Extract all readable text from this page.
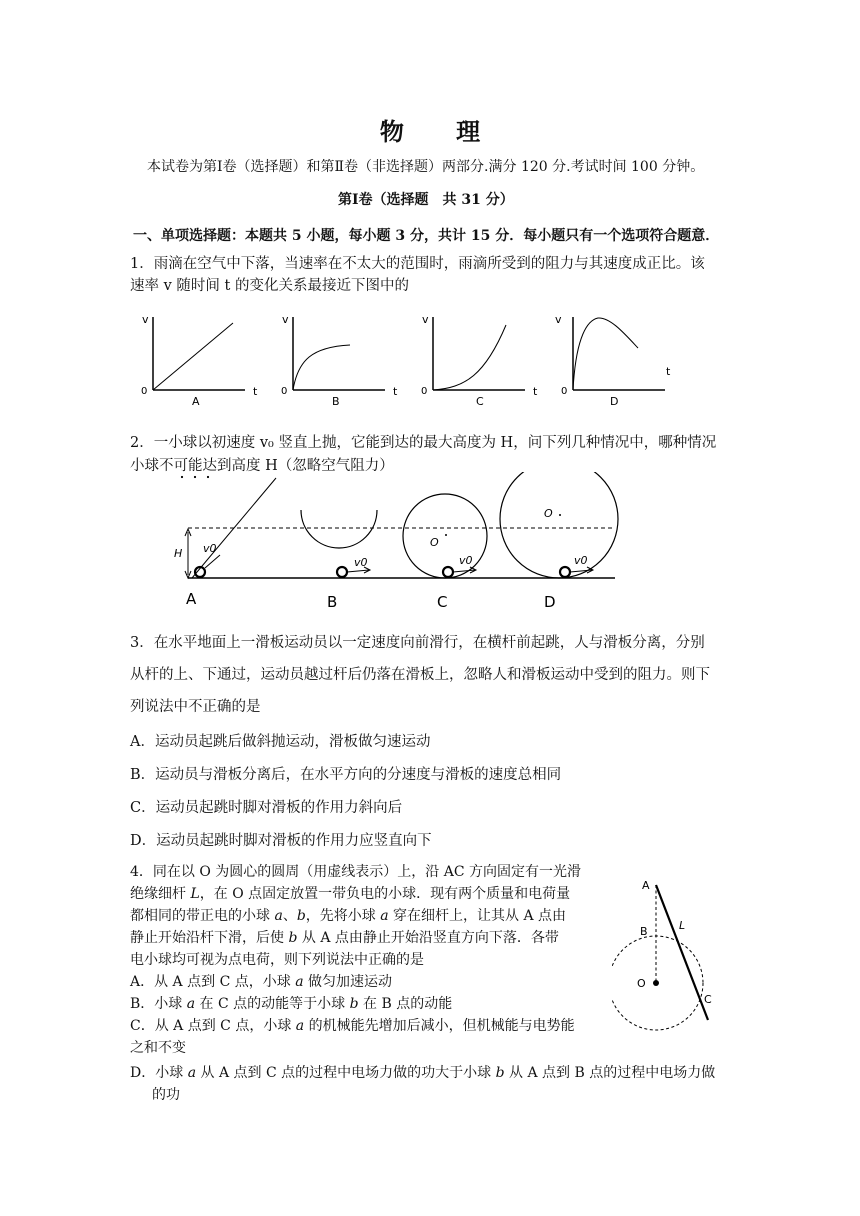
物 理
本试卷为第Ⅰ卷（选择题）和第Ⅱ卷（非选择题）两部分.满分 120 分.考试时间 100 分钟。
第Ⅰ卷（选择题　共 31 分）
一、单项选择题：本题共 5 小题，每小题 3 分，共计 15 分．每小题只有一个选项符合题意．
1．雨滴在空气中下落，当速率在不太大的范围时，雨滴所受到的阻力与其速度成正比。该
速率 v 随时间 t 的变化关系最接近下图中的
v
0	t
A
v
0	t
B
v
0	t
C
v
0
t
D
2．一小球以初速度 v₀ 竖直上抛，它能到达的最大高度为 H，问下列几种情况中，哪种情况
小球不可能达到高度 H（忽略空气阻力）
H v0
A
v0
B
O
v0
C
O
v0
D
3．在水平地面上一滑板运动员以一定速度向前滑行，在横杆前起跳，人与滑板分离，分别
从杆的上、下通过，运动员越过杆后仍落在滑板上，忽略人和滑板运动中受到的阻力。则下
列说法中不正确的是
A．运动员起跳后做斜抛运动，滑板做匀速运动
B．运动员与滑板分离后，在水平方向的分速度与滑板的速度总相同
C．运动员起跳时脚对滑板的作用力斜向后
D．运动员起跳时脚对滑板的作用力应竖直向下
4．同在以 O 为圆心的圆周（用虚线表示）上，沿 AC 方向固定有一光滑
绝缘细杆 L，在 O 点固定放置一带负电的小球．现有两个质量和电荷量
都相同的带正电的小球 a、b，先将小球 a 穿在细杆上，让其从 A 点由
静止开始沿杆下滑，后使 b 从 A 点由静止开始沿竖直方向下落．各带
电小球均可视为点电荷，则下列说法中正确的是
A．从 A 点到 C 点，小球 a 做匀加速运动
B．小球 a 在 C 点的动能等于小球 b 在 B 点的动能
C．从 A 点到 C 点，小球 a 的机械能先增加后减小，但机械能与电势能
之和不变
D．小球 a 从 A 点到 C 点的过程中电场力做的功大于小球 b 从 A 点到 B 点的过程中电场力做
的功
A
B
O
C
L
